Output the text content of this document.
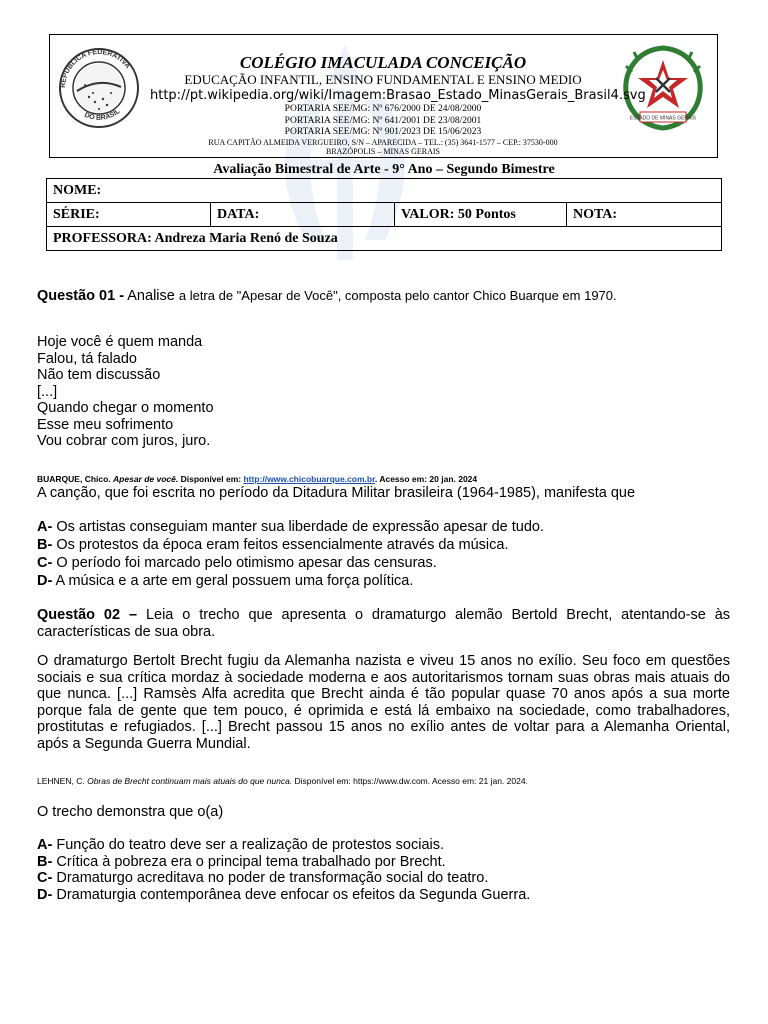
REPÚBLICA FEDERATIVA
DO BRASIL
ESTADO DE MINAS GERAIS
COLÉGIO IMACULADA CONCEIÇÃO
EDUCAÇÃO INFANTIL, ENSINO FUNDAMENTAL E ENSINO MEDIO
http://pt.wikipedia.org/wiki/Imagem:Brasao_Estado_MinasGerais_Brasil4.svg
PORTARIA SEE/MG: Nº 676/2000 DE 24/08/2000
PORTARIA SEE/MG: Nº 641/2001 DE 23/08/2001
PORTARIA SEE/MG: Nº 901/2023 DE 15/06/2023
RUA CAPITÃO ALMEIDA VERGUEIRO, S/N – APARECIDA – TEL.: (35) 3641-1577 – CEP.: 37530-000
BRAZÓPOLIS – MINAS GERAIS
Avaliação Bimestral de Arte - 9° Ano – Segundo Bimestre
NOME:
SÉRIE:	DATA:	VALOR: 50 Pontos	NOTA:
PROFESSORA: Andreza Maria Renó de Souza
Questão 01 - Analise a letra de "Apesar de Você", composta pelo cantor Chico Buarque em 1970.
Hoje você é quem manda
Falou, tá falado
Não tem discussão
[...]
Quando chegar o momento
Esse meu sofrimento
Vou cobrar com juros, juro.
BUARQUE, Chico. Apesar de você. Disponível em: http://www.chicobuarque.com.br. Acesso em: 20 jan. 2024
A canção, que foi escrita no período da Ditadura Militar brasileira (1964-1985), manifesta que
A- Os artistas conseguiam manter sua liberdade de expressão apesar de tudo.
B- Os protestos da época eram feitos essencialmente através da música.
C- O período foi marcado pelo otimismo apesar das censuras.
D- A música e a arte em geral possuem uma força política.
Questão 02 – Leia o trecho que apresenta o dramaturgo alemão Bertold Brecht, atentando-se às características de sua obra.
O dramaturgo Bertolt Brecht fugiu da Alemanha nazista e viveu 15 anos no exílio. Seu foco em questões sociais e sua crítica mordaz à sociedade moderna e aos autoritarismos tornam suas obras mais atuais do que nunca. [...] Ramsès Alfa acredita que Brecht ainda é tão popular quase 70 anos após a sua morte porque fala de gente que tem pouco, é oprimida e está lá embaixo na sociedade, como trabalhadores, prostitutas e refugiados. [...] Brecht passou 15 anos no exílio antes de voltar para a Alemanha Oriental, após a Segunda Guerra Mundial.
LEHNEN, C. Obras de Brecht continuam mais atuais do que nunca. Disponível em: https://www.dw.com. Acesso em: 21 jan. 2024.
O trecho demonstra que o(a)
A- Função do teatro deve ser a realização de protestos sociais.
B- Crítica à pobreza era o principal tema trabalhado por Brecht.
C- Dramaturgo acreditava no poder de transformação social do teatro.
D- Dramaturgia contemporânea deve enfocar os efeitos da Segunda Guerra.
